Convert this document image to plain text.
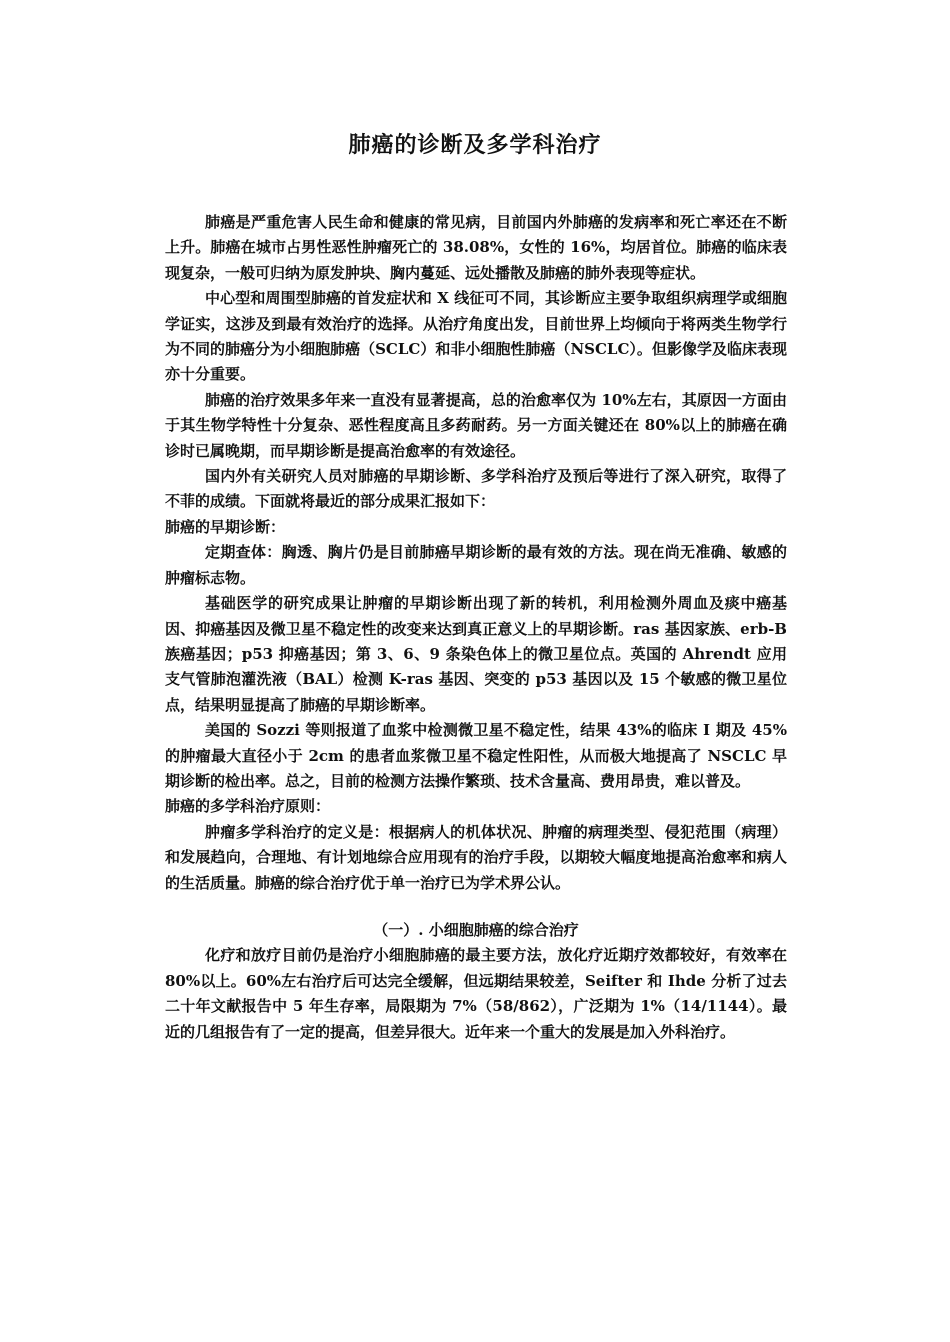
肺癌的诊断及多学科治疗

肺癌是严重危害人民生命和健康的常见病，目前国内外肺癌的发病率和死亡率还在不断上升。肺癌在城市占男性恶性肿瘤死亡的 38.08%，女性的 16%，均居首位。肺癌的临床表现复杂，一般可归纳为原发肿块、胸内蔓延、远处播散及肺癌的肺外表现等症状。

中心型和周围型肺癌的首发症状和 X 线征可不同，其诊断应主要争取组织病理学或细胞学证实，这涉及到最有效治疗的选择。从治疗角度出发，目前世界上均倾向于将两类生物学行为不同的肺癌分为小细胞肺癌（SCLC）和非小细胞性肺癌（NSCLC）。但影像学及临床表现亦十分重要。

肺癌的治疗效果多年来一直没有显著提高，总的治愈率仅为 10%左右，其原因一方面由于其生物学特性十分复杂、恶性程度高且多药耐药。另一方面关键还在 80%以上的肺癌在确诊时已属晚期，而早期诊断是提高治愈率的有效途径。

国内外有关研究人员对肺癌的早期诊断、多学科治疗及预后等进行了深入研究，取得了不菲的成绩。下面就将最近的部分成果汇报如下：

肺癌的早期诊断：

定期查体：胸透、胸片仍是目前肺癌早期诊断的最有效的方法。现在尚无准确、敏感的肿瘤标志物。

基础医学的研究成果让肿瘤的早期诊断出现了新的转机，利用检测外周血及痰中癌基因、抑癌基因及微卫星不稳定性的改变来达到真正意义上的早期诊断。ras 基因家族、erb-B 族癌基因；p53 抑癌基因；第 3、6、9 条染色体上的微卫星位点。英国的 Ahrendt 应用支气管肺泡灌洗液（BAL）检测 K-ras 基因、突变的 p53 基因以及 15 个敏感的微卫星位点，结果明显提高了肺癌的早期诊断率。

美国的 Sozzi 等则报道了血浆中检测微卫星不稳定性，结果 43%的临床 Ⅰ 期及 45%的肿瘤最大直径小于 2cm 的患者血浆微卫星不稳定性阳性，从而极大地提高了 NSCLC 早期诊断的检出率。总之，目前的检测方法操作繁琐、技术含量高、费用昂贵，难以普及。

肺癌的多学科治疗原则：

肿瘤多学科治疗的定义是：根据病人的机体状况、肿瘤的病理类型、侵犯范围（病理）和发展趋向，合理地、有计划地综合应用现有的治疗手段，以期较大幅度地提高治愈率和病人的生活质量。肺癌的综合治疗优于单一治疗已为学术界公认。

（一）. 小细胞肺癌的综合治疗

化疗和放疗目前仍是治疗小细胞肺癌的最主要方法，放化疗近期疗效都较好，有效率在 80%以上。60%左右治疗后可达完全缓解，但远期结果较差，Seifter 和 Ihde 分析了过去二十年文献报告中 5 年生存率，局限期为 7%（58/862），广泛期为 1%（14/1144）。最近的几组报告有了一定的提高，但差异很大。近年来一个重大的发展是加入外科治疗。
